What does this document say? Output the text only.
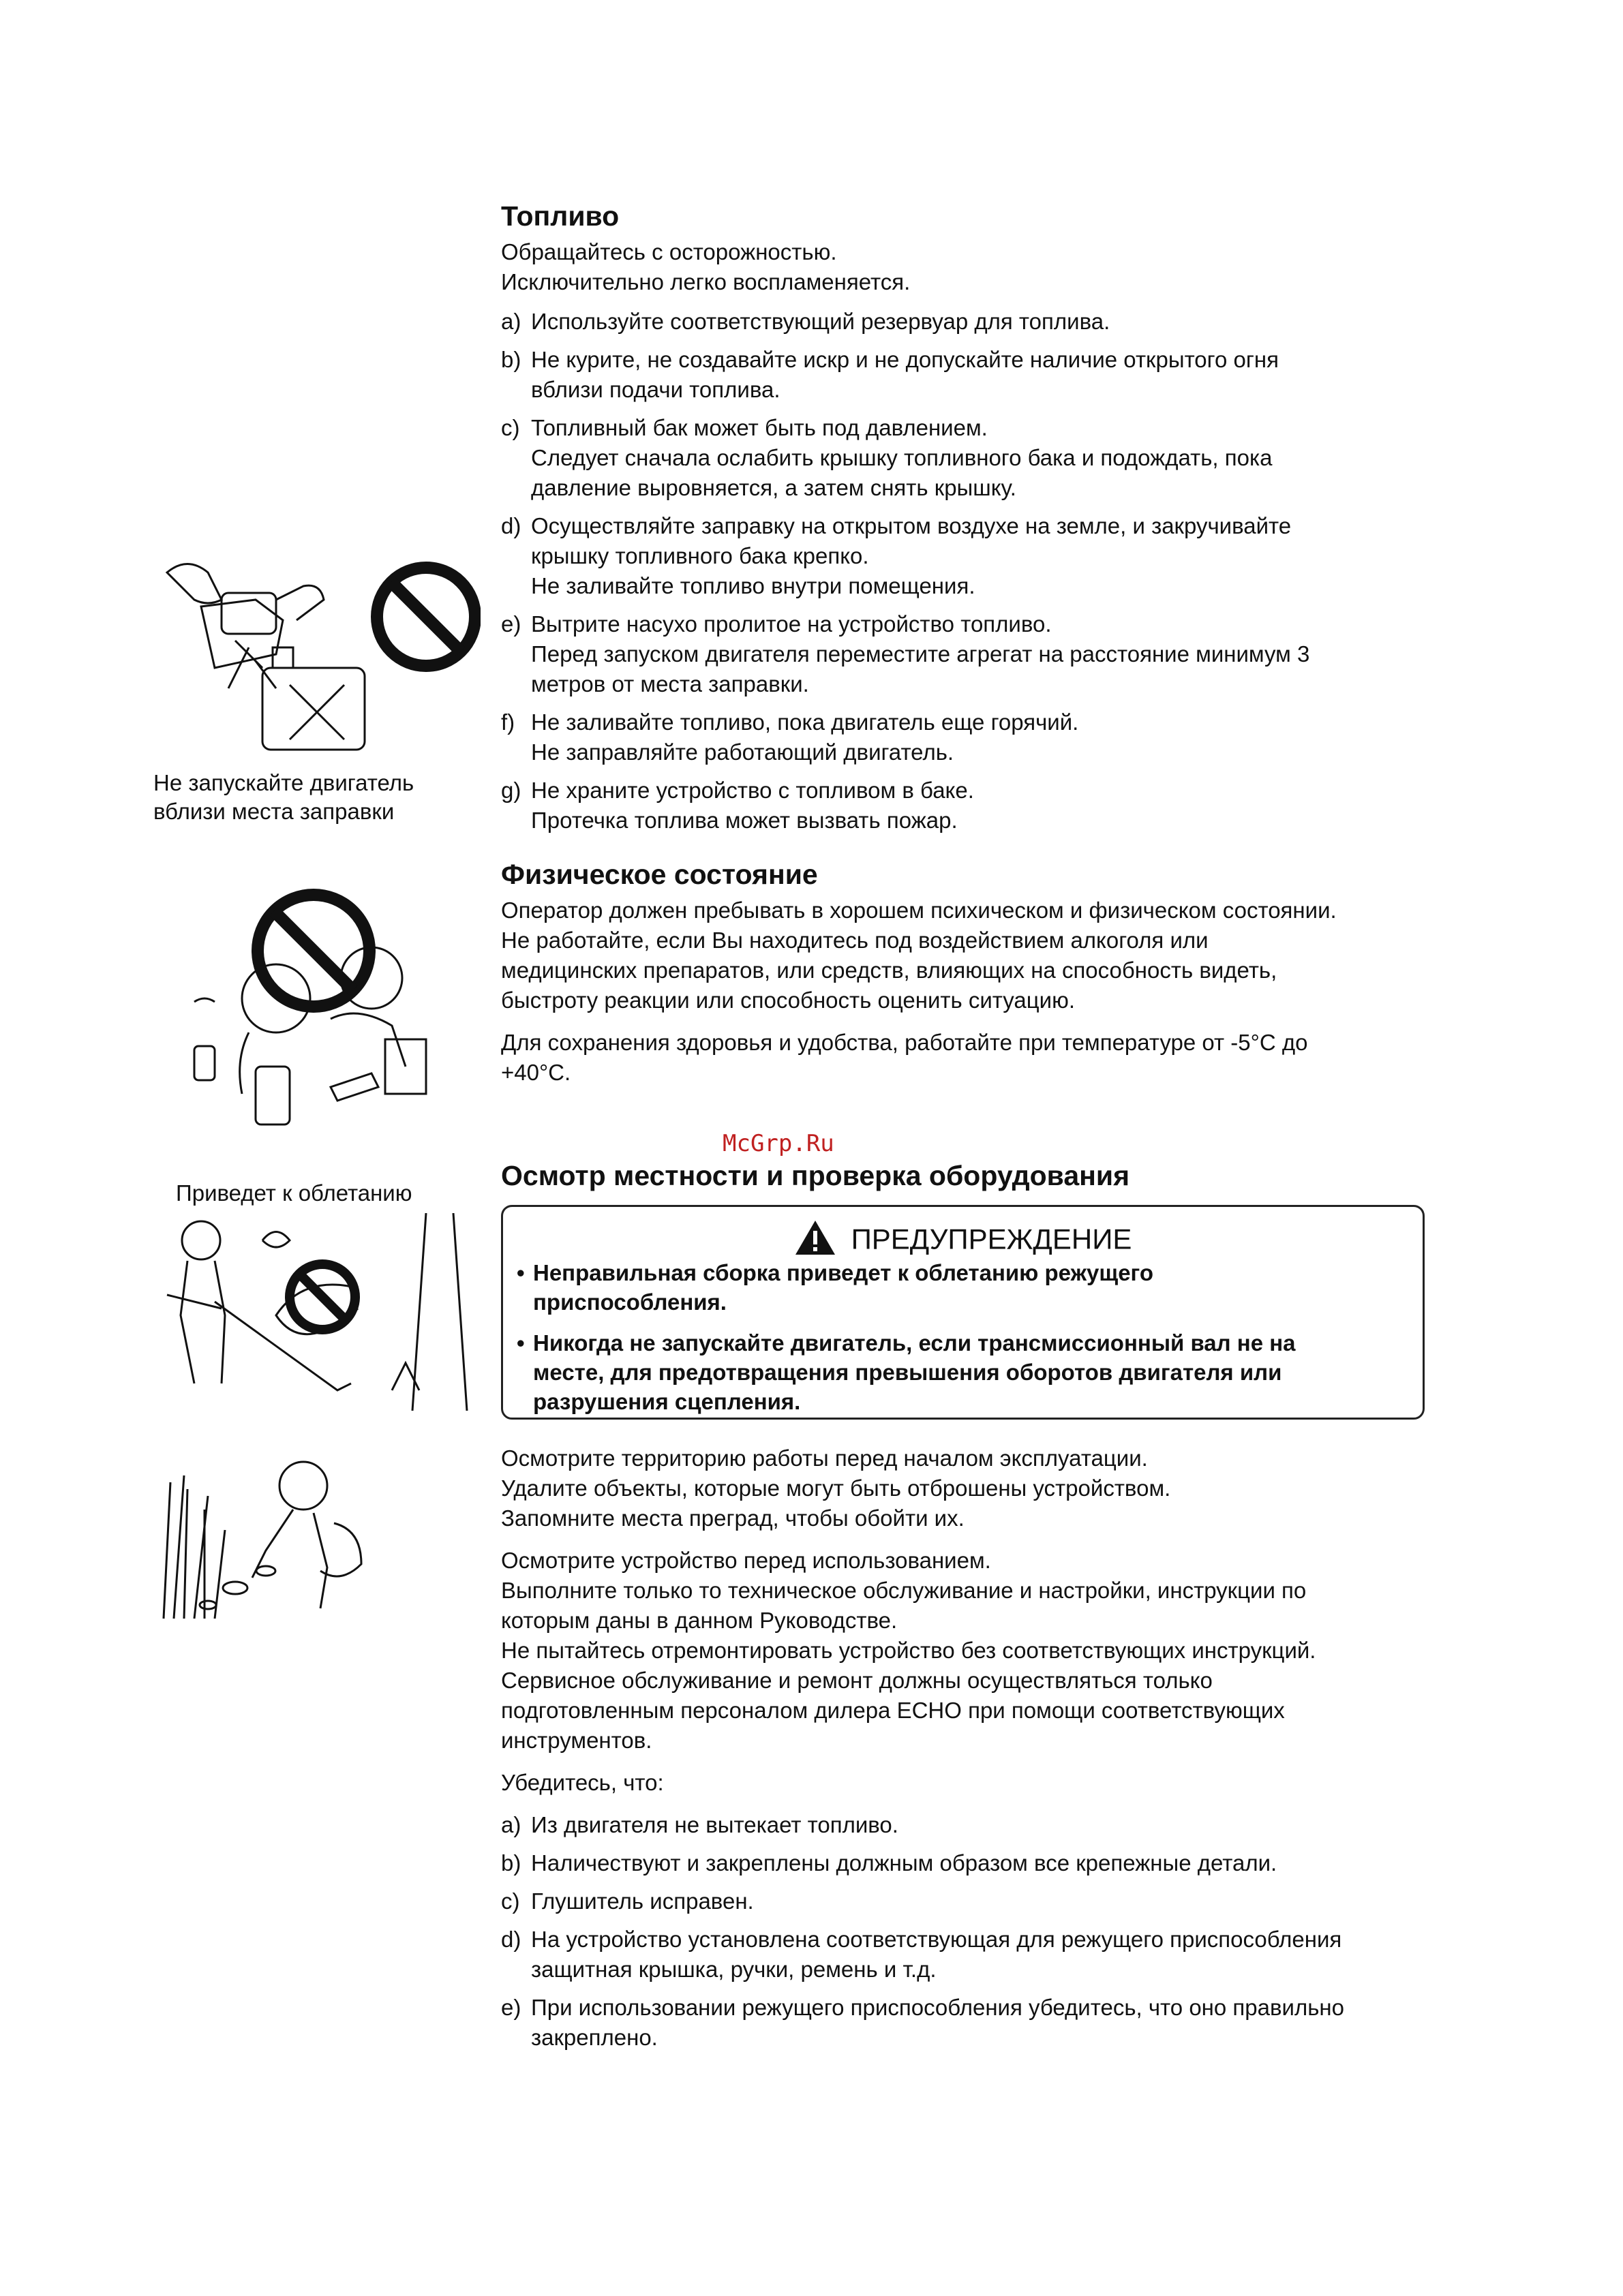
Топливо
Обращайтесь с осторожностью.
Исключительно легко воспламеняется.
a) Используйте соответствующий резервуар для топлива.
b) Не курите, не создавайте искр и не допускайте наличие открытого огня
вблизи подачи топлива.
c) Топливный бак может быть под давлением.
Следует сначала ослабить крышку топливного бака и подождать, пока
давление выровняется, а затем снять крышку.
d) Осуществляйте заправку на открытом воздухе на земле, и закручивайте
крышку топливного бака крепко.
Не заливайте топливо внутри помещения.
e) Вытрите насухо пролитое на устройство топливо.
Перед запуском двигателя переместите агрегат на расстояние минимум 3
метров от места заправки.
f) Не заливайте топливо, пока двигатель еще горячий.
Не заправляйте работающий двигатель.
g) Не храните устройство с топливом в баке.
Протечка топлива может вызвать пожар.
Не запускайте двигатель
вблизи места заправки
Физическое состояние
Оператор должен пребывать в хорошем психическом и физическом состоянии.
Не работайте, если Вы находитесь под воздействием алкоголя или
медицинских препаратов, или средств, влияющих на способность видеть,
быстроту реакции или способность оценить ситуацию.
Для сохранения здоровья и удобства, работайте при температуре от -5°C до
+40°C.
McGrp.Ru
Приведет к облетанию
Осмотр местности и проверка оборудования
ПРЕДУПРЕЖДЕНИЕ
• Неправильная сборка приведет к облетанию режущего
приспособления.
• Никогда не запускайте двигатель, если трансмиссионный вал не на
месте, для предотвращения превышения оборотов двигателя или
разрушения сцепления.
Осмотрите территорию работы перед началом эксплуатации.
Удалите объекты, которые могут быть отброшены устройством.
Запомните места преград, чтобы обойти их.
Осмотрите устройство перед использованием.
Выполните только то техническое обслуживание и настройки, инструкции по
которым даны в данном Руководстве.
Не пытайтесь отремонтировать устройство без соответствующих инструкций.
Сервисное обслуживание и ремонт должны осуществляться только
подготовленным персоналом дилера ЕСНО при помощи соответствующих
инструментов.
Убедитесь, что:
a) Из двигателя не вытекает топливо.
b) Наличествуют и закреплены должным образом все крепежные детали.
c) Глушитель исправен.
d) На устройство установлена соответствующая для режущего приспособления
защитная крышка, ручки, ремень и т.д.
e) При использовании режущего приспособления убедитесь, что оно правильно
закреплено.
